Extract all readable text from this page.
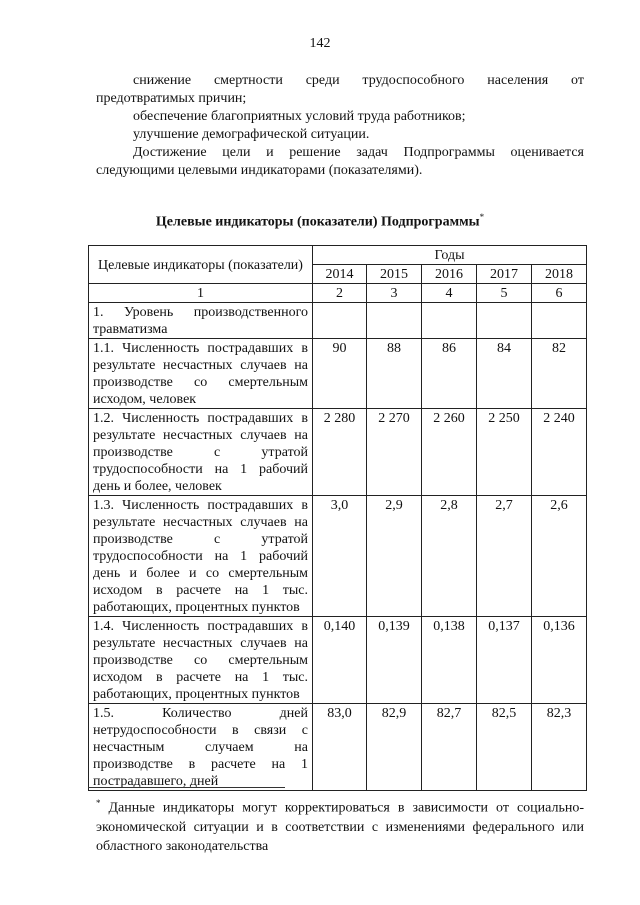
142

снижение смертности среди трудоспособного населения от предотвратимых причин;

обеспечение благоприятных условий труда работников;

улучшение демографической ситуации.

Достижение цели и решение задач Подпрограммы оценивается следующими целевыми индикаторами (показателями).

Целевые индикаторы (показатели) Подпрограммы*
Целевые индикаторы (показатели)	Годы				
	2014	2015	2016	2017	2018
1	2	3	4	5	6
1. Уровень производственного травматизма					
1.1. Численность пострадавших в результате несчастных случаев на производстве со смертельным исходом, человек	90	88	86	84	82
1.2. Численность пострадавших в результате несчастных случаев на производстве с утратой трудоспособности на 1 рабочий день и более, человек	2 280	2 270	2 260	2 250	2 240
1.3. Численность пострадавших в результате несчастных случаев на производстве с утратой трудоспособности на 1 рабочий день и более и со смертельным исходом в расчете на 1 тыс. работающих, процентных пунктов	3,0	2,9	2,8	2,7	2,6
1.4. Численность пострадавших в результате несчастных случаев на производстве со смертельным исходом в расчете на 1 тыс. работающих, процентных пунктов	0,140	0,139	0,138	0,137	0,136
1.5. Количество дней нетрудоспособности в связи с несчастным случаем на производстве в расчете на 1 пострадавшего, дней	83,0	82,9	82,7	82,5	82,3

* Данные индикаторы могут корректироваться в зависимости от социально-экономической ситуации и в соответствии с изменениями федерального или областного законодательства
